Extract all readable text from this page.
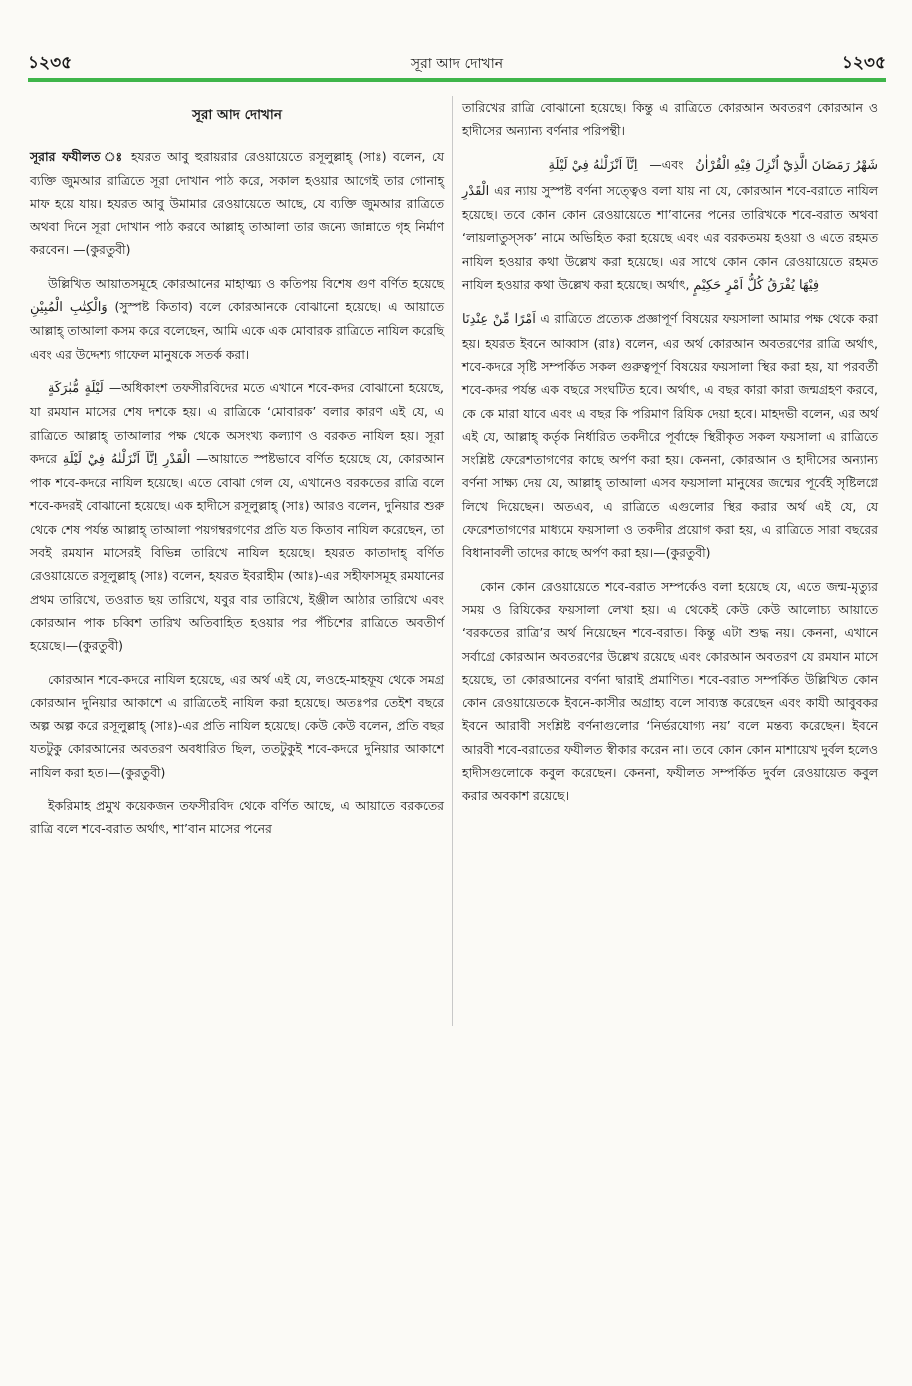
১২৩৫	সূরা আদ দোখান	১২৩৫
সূরা আদ দোখান

সূরার ফযীলত ঃ হযরত আবু হুরায়রার রেওয়ায়েতে রসূলুল্লাহ্ (সাঃ) বলেন, যে ব্যক্তি জুমআর রাত্রিতে সূরা দোখান পাঠ করে, সকাল হওয়ার আগেই তার গোনাহ্ মাফ হয়ে যায়। হযরত আবু উমামার রেওয়ায়েতে আছে, যে ব্যক্তি জুমআর রাত্রিতে অথবা দিনে সূরা দোখান পাঠ করবে আল্লাহ্ তাআলা তার জন্যে জান্নাতে গৃহ নির্মাণ করবেন। —(কুরতুবী)

উল্লিখিত আয়াতসমূহে কোরআনের মাহাত্ম্য ও কতিপয় বিশেষ গুণ বর্ণিত হয়েছে وَالْكِتٰبِ الْمُبِيْنِ (সুস্পষ্ট কিতাব) বলে কোরআনকে বোঝানো হয়েছে। এ আয়াতে আল্লাহ্ তাআলা কসম করে বলেছেন, আমি একে এক মোবারক রাত্রিতে নাযিল করেছি এবং এর উদ্দেশ্য গাফেল মানুষকে সতর্ক করা।

لَيْلَةٍ مُّبٰرَكَةٍ —অধিকাংশ তফসীরবিদের মতে এখানে শবে-কদর বোঝানো হয়েছে, যা রমযান মাসের শেষ দশকে হয়। এ রাত্রিকে ‘মোবারক’ বলার কারণ এই যে, এ রাত্রিতে আল্লাহ্ তাআলার পক্ষ থেকে অসংখ্য কল্যাণ ও বরকত নাযিল হয়। সূরা কদরে اِنَّآ اَنْزَلْنٰهُ فِيْ لَيْلَةِ الْقَدْرِ —আয়াতে স্পষ্টভাবে বর্ণিত হয়েছে যে, কোরআন পাক শবে-কদরে নাযিল হয়েছে। এতে বোঝা গেল যে, এখানেও বরকতের রাত্রি বলে শবে-কদরই বোঝানো হয়েছে। এক হাদীসে রসূলুল্লাহ্ (সাঃ) আরও বলেন, দুনিয়ার শুরু থেকে শেষ পর্যন্ত আল্লাহ্ তাআলা পয়গম্বরগণের প্রতি যত কিতাব নাযিল করেছেন, তা সবই রমযান মাসেরই বিভিন্ন তারিখে নাযিল হয়েছে। হযরত কাতাদাহ্ বর্ণিত রেওয়ায়েতে রসূলুল্লাহ্ (সাঃ) বলেন, হযরত ইবরাহীম (আঃ)-এর সহীফাসমূহ রমযানের প্রথম তারিখে, তওরাত ছয় তারিখে, যবুর বার তারিখে, ইঞ্জীল আঠার তারিখে এবং কোরআন পাক চব্বিশ তারিখ অতিবাহিত হওয়ার পর পঁচিশের রাত্রিতে অবতীর্ণ হয়েছে।—(কুরতুবী)

কোরআন শবে-কদরে নাযিল হয়েছে, এর অর্থ এই যে, লওহে-মাহফূয থেকে সমগ্র কোরআন দুনিয়ার আকাশে এ রাত্রিতেই নাযিল করা হয়েছে। অতঃপর তেইশ বছরে অল্প অল্প করে রসূলুল্লাহ্ (সাঃ)-এর প্রতি নাযিল হয়েছে। কেউ কেউ বলেন, প্রতি বছর যতটুকু কোরআনের অবতরণ অবধারিত ছিল, ততটুকুই শবে-কদরে দুনিয়ার আকাশে নাযিল করা হত।—(কুরতুবী)

ইকরিমাহ প্রমুখ কয়েকজন তফসীরবিদ থেকে বর্ণিত আছে, এ আয়াতে বরকতের রাত্রি বলে শবে-বরাত অর্থাৎ, শা’বান মাসের পনের

তারিখের রাত্রি বোঝানো হয়েছে। কিন্তু এ রাত্রিতে কোরআন অবতরণ কোরআন ও হাদীসের অন্যান্য বর্ণনার পরিপন্থী।

اِنَّآ اَنْزَلْنٰهُ فِيْ لَيْلَةِ —এবং شَهْرُ رَمَضَانَ الَّذِيْٓ اُنْزِلَ فِيْهِ الْقُرْاٰنُ

الْقَدْرِ এর ন্যায় সুস্পষ্ট বর্ণনা সত্ত্বেও বলা যায় না যে, কোরআন শবে-বরাতে নাযিল হয়েছে। তবে কোন কোন রেওয়ায়েতে শা’বানের পনের তারিখকে শবে-বরাত অথবা ‘লায়লাতুস্‌সক’ নামে অভিহিত করা হয়েছে এবং এর বরকতময় হওয়া ও এতে রহমত নাযিল হওয়ার কথা উল্লেখ করা হয়েছে। এর সাথে কোন কোন রেওয়ায়েতে রহমত নাযিল হওয়ার কথা উল্লেখ করা হয়েছে। অর্থাৎ, فِيْهَا يُفْرَقُ كُلُّ اَمْرٍ حَكِيْمٍ

اَمْرًا مِّنْ عِنْدِنَا এ রাত্রিতে প্রত্যেক প্রজ্ঞাপূর্ণ বিষয়ের ফয়সালা আমার পক্ষ থেকে করা হয়। হযরত ইবনে আব্বাস (রাঃ) বলেন, এর অর্থ কোরআন অবতরণের রাত্রি অর্থাৎ, শবে-কদরে সৃষ্টি সম্পর্কিত সকল গুরুত্বপূর্ণ বিষয়ের ফয়সালা স্থির করা হয়, যা পরবর্তী শবে-কদর পর্যন্ত এক বছরে সংঘটিত হবে। অর্থাৎ, এ বছর কারা কারা জন্মগ্রহণ করবে, কে কে মারা যাবে এবং এ বছর কি পরিমাণ রিযিক দেয়া হবে। মাহদভী বলেন, এর অর্থ এই যে, আল্লাহ্ কর্তৃক নির্ধারিত তকদীরে পূর্বাহ্নে স্থিরীকৃত সকল ফয়সালা এ রাত্রিতে সংশ্লিষ্ট ফেরেশতাগণের কাছে অর্পণ করা হয়। কেননা, কোরআন ও হাদীসের অন্যান্য বর্ণনা সাক্ষ্য দেয় যে, আল্লাহ্ তাআলা এসব ফয়সালা মানুষের জন্মের পূর্বেই সৃষ্টিলগ্নে লিখে দিয়েছেন। অতএব, এ রাত্রিতে এগুলোর স্থির করার অর্থ এই যে, যে ফেরেশতাগণের মাধ্যমে ফয়সালা ও তকদীর প্রয়োগ করা হয়, এ রাত্রিতে সারা বছরের বিধানাবলী তাদের কাছে অর্পণ করা হয়।—(কুরতুবী)

কোন কোন রেওয়ায়েতে শবে-বরাত সম্পর্কেও বলা হয়েছে যে, এতে জন্ম-মৃত্যুর সময় ও রিযিকের ফয়সালা লেখা হয়। এ থেকেই কেউ কেউ আলোচ্য আয়াতে ‘বরকতের রাত্রি’র অর্থ নিয়েছেন শবে-বরাত। কিন্তু এটা শুদ্ধ নয়। কেননা, এখানে সর্বাগ্রে কোরআন অবতরণের উল্লেখ রয়েছে এবং কোরআন অবতরণ যে রমযান মাসে হয়েছে, তা কোরআনের বর্ণনা দ্বারাই প্রমাণিত। শবে-বরাত সম্পর্কিত উল্লিখিত কোন কোন রেওয়ায়েতকে ইবনে-কাসীর অগ্রাহ্য বলে সাব্যস্ত করেছেন এবং কাযী আবুবকর ইবনে আরাবী সংশ্লিষ্ট বর্ণনাগুলোর ‘নির্ভরযোগ্য নয়’ বলে মন্তব্য করেছেন। ইবনে আরবী শবে-বরাতের ফযীলত স্বীকার করেন না। তবে কোন কোন মাশায়েখ দুর্বল হলেও হাদীসগুলোকে কবুল করেছেন। কেননা, ফযীলত সম্পর্কিত দুর্বল রেওয়ায়েত কবুল করার অবকাশ রয়েছে।
